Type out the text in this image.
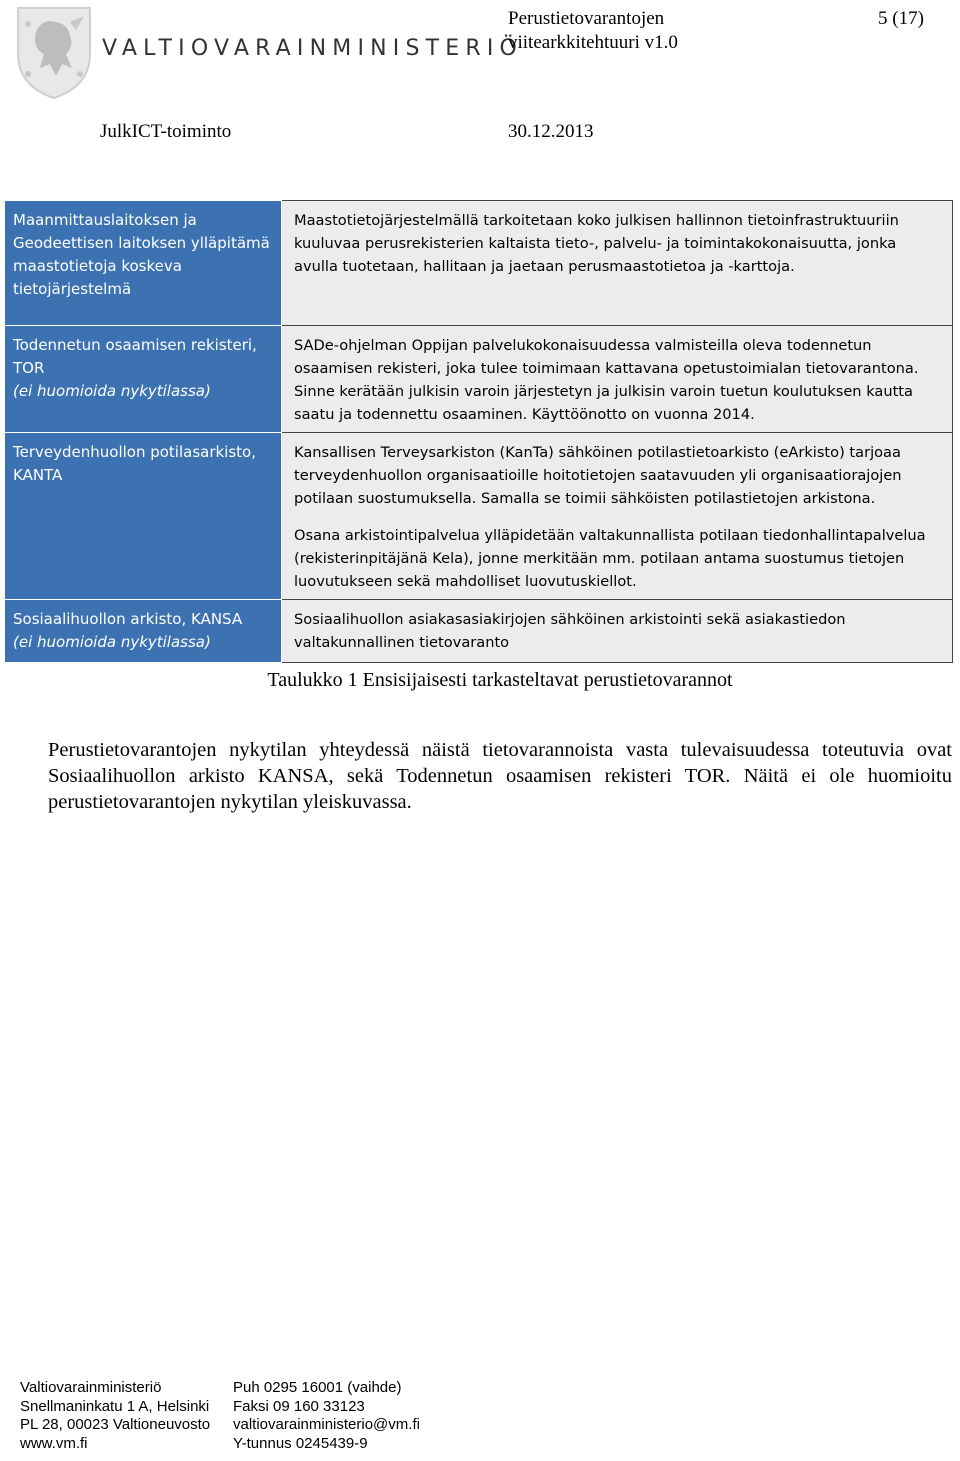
VALTIOVARAINMINISTERIÖ
Perustietovarantojen
viitearkkitehtuuri v1.0
5 (17)
JulkICT-toiminto	30.12.2013
Maanmittauslaitoksen ja Geodeettisen laitoksen ylläpitämä maastotietoja koskeva tietojärjestelmä	Maastotietojärjestelmällä tarkoitetaan koko julkisen hallinnon tietoinfrastruktuuriin kuuluvaa perusrekisterien kaltaista tieto-, palvelu- ja toimintakokonaisuutta, jonka avulla tuotetaan, hallitaan ja jaetaan perusmaastotietoa ja -karttoja.

Todennetun osaamisen rekisteri, TOR
(ei huomioida nykytilassa)	SADe-ohjelman Oppijan palvelukokonaisuudessa valmisteilla oleva todennetun osaamisen rekisteri, joka tulee toimimaan kattavana opetustoimialan tietovarantona. Sinne kerätään julkisin varoin järjestetyn ja julkisin varoin tuetun koulutuksen kautta saatu ja todennettu osaaminen. Käyttöönotto on vuonna 2014.

Terveydenhuollon potilasarkisto, KANTA	Kansallisen Terveysarkiston (KanTa) sähköinen potilastietoarkisto (eArkisto) tarjoaa terveydenhuollon organisaatioille hoitotietojen saatavuuden yli organisaatiorajojen potilaan suostumuksella. Samalla se toimii sähköisten potilastietojen arkistona.
Osana arkistointipalvelua ylläpidetään valtakunnallista potilaan tiedonhallintapalvelua (rekisterinpitäjänä Kela), jonne merkitään mm. potilaan antama suostumus tietojen luovutukseen sekä mahdolliset luovutuskiellot.

Sosiaalihuollon arkisto, KANSA
(ei huomioida nykytilassa)	Sosiaalihuollon asiakasasiakirjojen sähköinen arkistointi sekä asiakastiedon valtakunnallinen tietovaranto
Taulukko 1 Ensisijaisesti tarkasteltavat perustietovarannot
Perustietovarantojen nykytilan yhteydessä näistä tietovarannoista vasta tulevaisuudessa toteutuvia ovat Sosiaalihuollon arkisto KANSA, sekä Todennetun osaamisen rekisteri TOR. Näitä ei ole huomioitu perustietovarantojen nykytilan yleiskuvassa.
Valtiovarainministeriö
Snellmaninkatu 1 A, Helsinki
PL 28, 00023 Valtioneuvosto
www.vm.fi
Puh 0295 16001 (vaihde)
Faksi 09 160 33123
valtiovarainministerio@vm.fi
Y-tunnus 0245439-9
